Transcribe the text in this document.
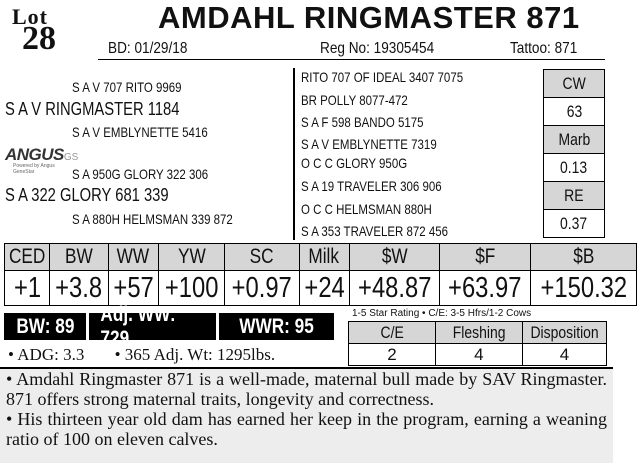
Lot
28
AMDAHL RINGMASTER 871
BD: 01/29/18	Reg No: 19305454	Tattoo: 871
S A V 707 RITO 9969
S A V RINGMASTER 1184
S A V EMBLYNETTE 5416
ANGUSGS
Powered by Angus GeneStar	S A 950G GLORY 322 306
S A 322 GLORY 681 339
S A 880H HELMSMAN 339 872
RITO 707 OF IDEAL 3407 7075
BR POLLY 8077-472
S A F 598 BANDO 5175
S A V EMBLYNETTE 7319
O C C GLORY 950G
S A 19 TRAVELER 306 906
O C C HELMSMAN 880H
S A 353 TRAVELER 872 456
CW
63
Marb
0.13
RE
0.37
CED	BW	WW	YW	SC	Milk	$W	$F	$B
+1	+3.8	+57	+100	+0.97	+24	+48.87	+63.97	+150.32
BW: 89
Adj. WW: 729
WWR: 95
• ADG: 3.3 • 365 Adj. Wt: 1295lbs.
1-5 Star Rating • C/E: 3-5 Hfrs/1-2 Cows
C/E	Fleshing	Disposition
2	4	4

• Amdahl Ringmaster 871 is a well-made, maternal bull made by SAV Ringmaster. 871 offers strong maternal traits, longevity and correctness.

• His thirteen year old dam has earned her keep in the program, earning a weaning ratio of 100 on eleven calves.
